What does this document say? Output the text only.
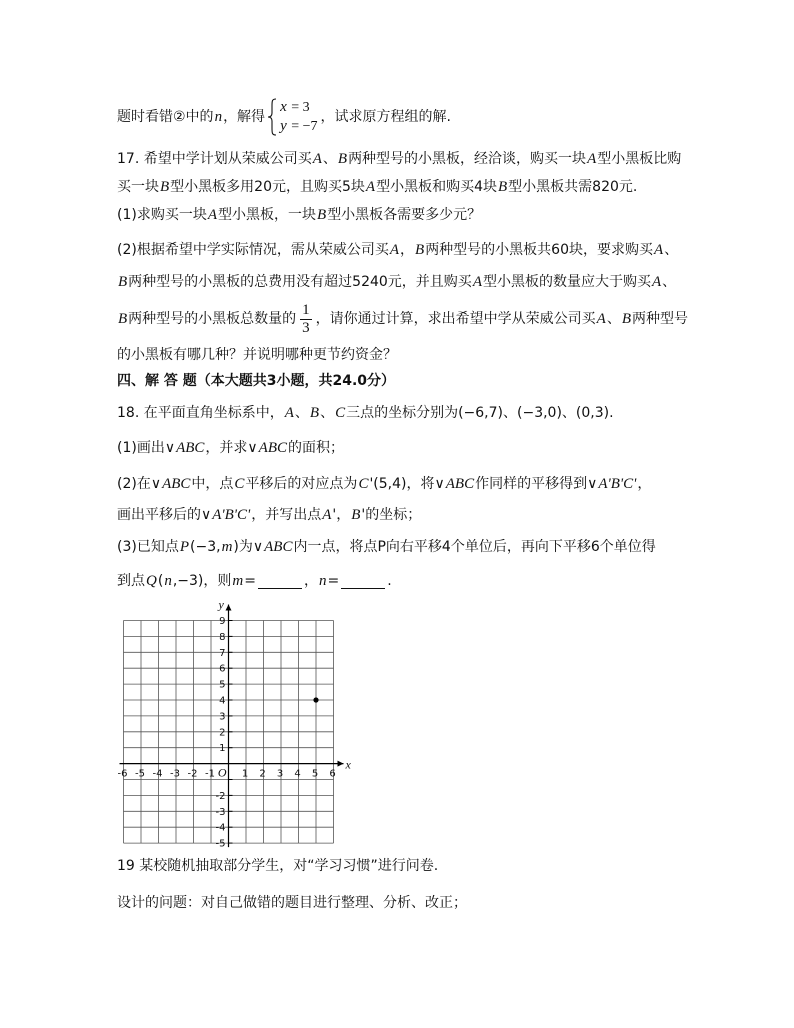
题时看错②中的 n ，解得
x = 3
y = −7
，试求原方程组的解.
17. 希望中学计划从荣威公司买 A 、 B 两种型号的小黑板，经洽谈，购买一块 A 型小黑板比购
买一块 B 型小黑板多用20元，且购买5块 A 型小黑板和购买4块 B 型小黑板共需820元.
(1)求购买一块 A 型小黑板，一块 B 型小黑板各需要多少元？
(2)根据希望中学实际情况，需从荣威公司买 A ， B 两种型号的小黑板共60块，要求购买 A 、
B 两种型号的小黑板的总费用没有超过5240元，并且购买 A 型小黑板的数量应大于购买 A 、
B 两种型号的小黑板总数量的 $\frac{1}{3}$ ，请你通过计算，求出希望中学从荣威公司买 A 、 B 两种型号
的小黑板有哪几种？并说明哪种更节约资金？
四、解 答 题（本大题共3小题，共24.0分）
18. 在平面直角坐标系中， A 、 B 、 C 三点的坐标分别为(−6,7)、(−3,0)、(0,3).
(1)画出∨ ABC ，并求∨ ABC 的面积；
(2)在∨ ABC 中，点 C 平移后的对应点为 C '(5,4)，将∨ ABC 作同样的平移得到∨ A'B'C' ，
画出平移后的∨ A'B'C' ，并写出点 A '， B '的坐标；
(3)已知点 P (−3, m )为∨ ABC 内一点，将点P向右平移4个单位后，再向下平移6个单位得
到点 Q ( n ,−3)，则 m =	， n =	.
-6 -5 -4 -3 -2 -1	1 2 3 4 5 6
9
8
7
6
5
4
3
2
1
-2
-3
-4
-5
O
x
y
19 某校随机抽取部分学生，对“学习习惯”进行问卷.
设计的问题：对自己做错的题目进行整理、分析、改正；
